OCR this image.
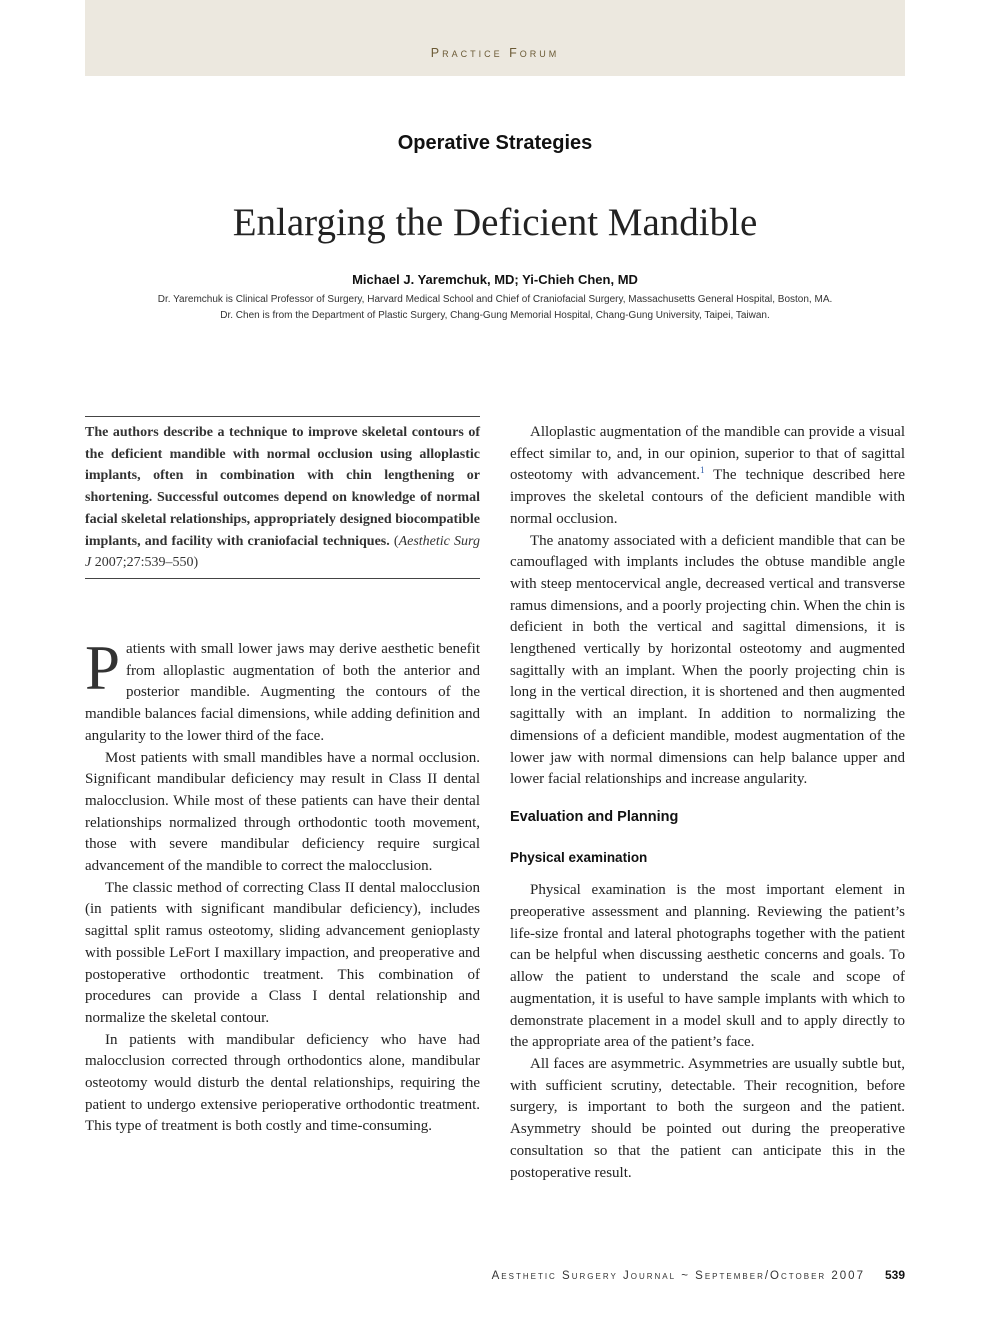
Practice Forum
Operative Strategies
Enlarging the Deficient Mandible
Michael J. Yaremchuk, MD; Yi-Chieh Chen, MD
Dr. Yaremchuk is Clinical Professor of Surgery, Harvard Medical School and Chief of Craniofacial Surgery, Massachusetts General Hospital, Boston, MA.
Dr. Chen is from the Department of Plastic Surgery, Chang-Gung Memorial Hospital, Chang-Gung University, Taipei, Taiwan.
The authors describe a technique to improve skeletal contours of the deficient mandible with normal occlusion using alloplastic implants, often in combination with chin lengthening or shortening. Successful outcomes depend on knowledge of normal facial skeletal relationships, appropriately designed biocompatible implants, and facility with craniofacial techniques. (Aesthetic Surg J 2007;27:539–550)

Patients with small lower jaws may derive aesthetic benefit from alloplastic augmentation of both the anterior and posterior mandible. Augmenting the contours of the mandible balances facial dimensions, while adding definition and angularity to the lower third of the face.

Most patients with small mandibles have a normal occlusion. Significant mandibular deficiency may result in Class II dental malocclusion. While most of these patients can have their dental relationships normalized through orthodontic tooth movement, those with severe mandibular deficiency require surgical advancement of the mandible to correct the malocclusion.

The classic method of correcting Class II dental malocclusion (in patients with significant mandibular deficiency), includes sagittal split ramus osteotomy, sliding advancement genioplasty with possible LeFort I maxillary impaction, and preoperative and postoperative orthodontic treatment. This combination of procedures can provide a Class I dental relationship and normalize the skeletal contour.

In patients with mandibular deficiency who have had malocclusion corrected through orthodontics alone, mandibular osteotomy would disturb the dental relationships, requiring the patient to undergo extensive perioperative orthodontic treatment. This type of treatment is both costly and time-consuming.

Alloplastic augmentation of the mandible can provide a visual effect similar to, and, in our opinion, superior to that of sagittal osteotomy with advancement.$^1$ The technique described here improves the skeletal contours of the deficient mandible with normal occlusion.

The anatomy associated with a deficient mandible that can be camouflaged with implants includes the obtuse mandible angle with steep mentocervical angle, decreased vertical and transverse ramus dimensions, and a poorly projecting chin. When the chin is deficient in both the vertical and sagittal dimensions, it is lengthened vertically by horizontal osteotomy and augmented sagittally with an implant. When the poorly projecting chin is long in the vertical direction, it is shortened and then augmented sagittally with an implant. In addition to normalizing the dimensions of a deficient mandible, modest augmentation of the lower jaw with normal dimensions can help balance upper and lower facial relationships and increase angularity.

Evaluation and Planning
Physical examination

Physical examination is the most important element in preoperative assessment and planning. Reviewing the patient’s life-size frontal and lateral photographs together with the patient can be helpful when discussing aesthetic concerns and goals. To allow the patient to understand the scale and scope of augmentation, it is useful to have sample implants with which to demonstrate placement in a model skull and to apply directly to the appropriate area of the patient’s face.

All faces are asymmetric. Asymmetries are usually subtle but, with sufficient scrutiny, detectable. Their recognition, before surgery, is important to both the surgeon and the patient. Asymmetry should be pointed out during the preoperative consultation so that the patient can anticipate this in the postoperative result.

Aesthetic Surgery Journal ~ September/October 2007 539
